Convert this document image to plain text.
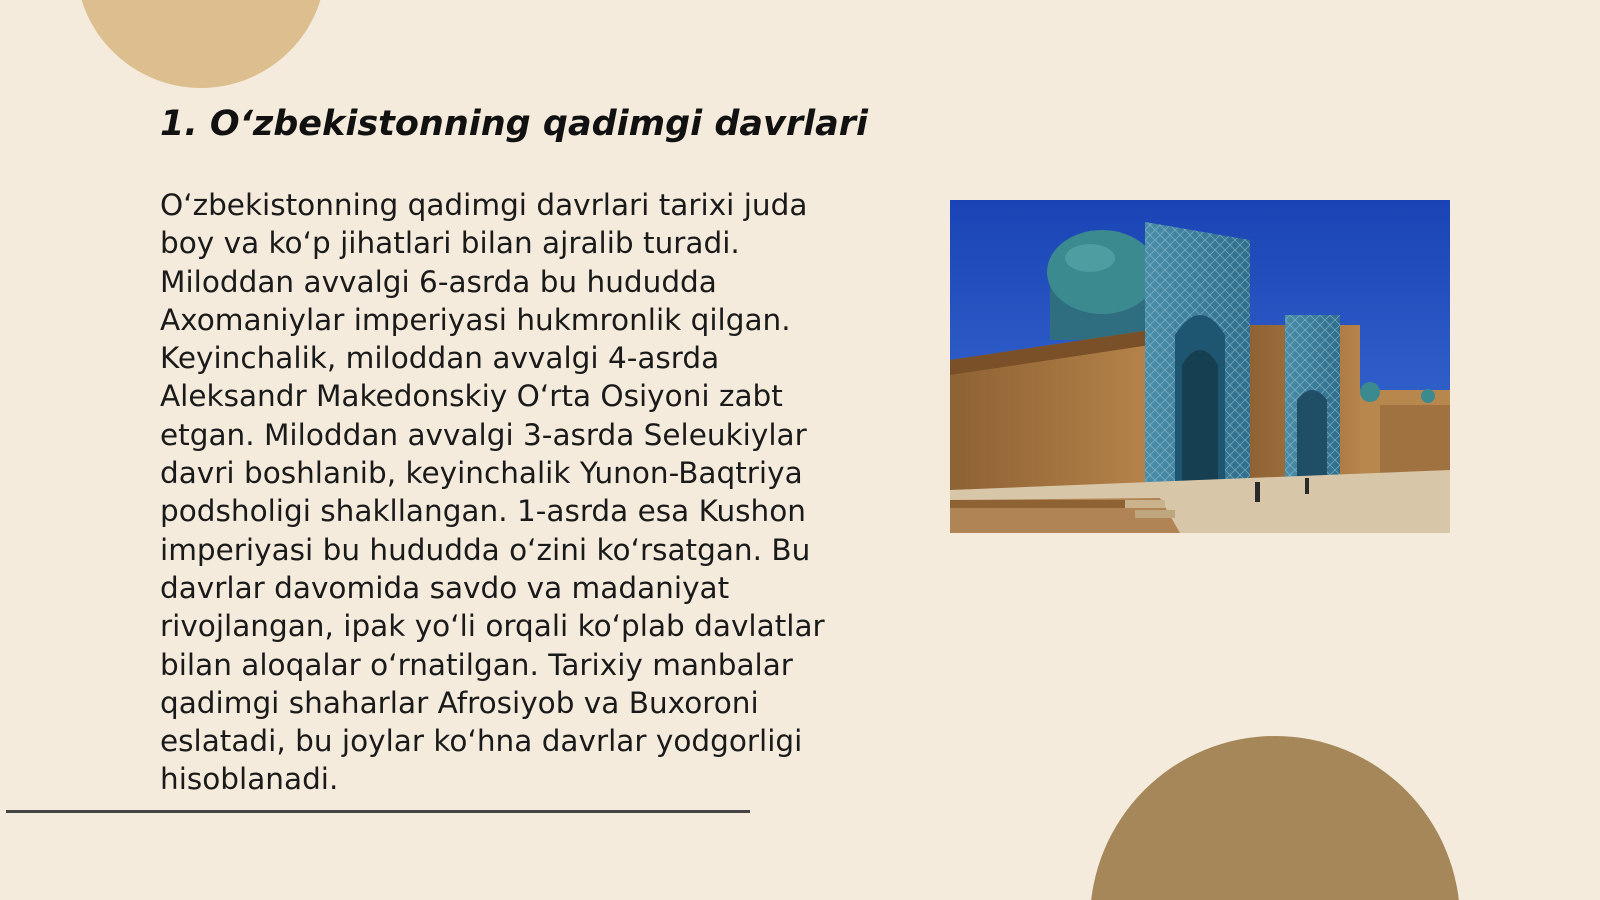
1. O‘zbekistonning qadimgi davrlari

O‘zbekistonning qadimgi davrlari tarixi juda boy va ko‘p jihatlari bilan ajralib turadi. Miloddan avvalgi 6-asrda bu hududda Axomaniylar imperiyasi hukmronlik qilgan. Keyinchalik, miloddan avvalgi 4-asrda Aleksandr Makedonskiy O‘rta Osiyoni zabt etgan. Miloddan avvalgi 3-asrda Seleukiylar davri boshlanib, keyinchalik Yunon-Baqtriya podsholigi shakllangan. 1-asrda esa Kushon imperiyasi bu hududda o‘zini ko‘rsatgan. Bu davrlar davomida savdo va madaniyat rivojlangan, ipak yo‘li orqali ko‘plab davlatlar bilan aloqalar o‘rnatilgan. Tarixiy manbalar qadimgi shaharlar Afrosiyob va Buxoroni eslatadi, bu joylar ko‘hna davrlar yodgorligi hisoblanadi.
